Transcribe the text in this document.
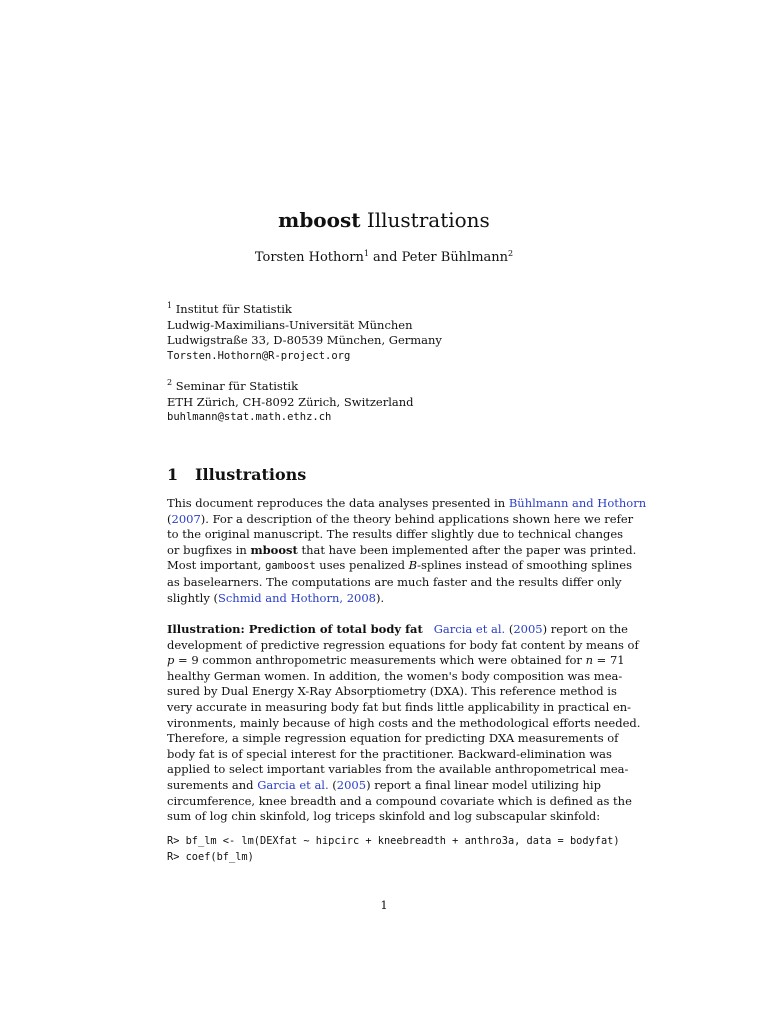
mboost Illustrations
Torsten Hothorn$^1$ and Peter Bühlmann$^2$
$^1$ Institut für Statistik
Ludwig-Maximilians-Universität München
Ludwigstraße 33, D-80539 München, Germany
Torsten.Hothorn@R-project.org
$^2$ Seminar für Statistik
ETH Zürich, CH-8092 Zürich, Switzerland
buhlmann@stat.math.ethz.ch
1 Illustrations
This document reproduces the data analyses presented in Bühlmann and Hothorn
(2007). For a description of the theory behind applications shown here we refer
to the original manuscript. The results differ slightly due to technical changes
or bugfixes in mboost that have been implemented after the paper was printed.
Most important, gamboost uses penalized B-splines instead of smoothing splines
as baselearners. The computations are much faster and the results differ only
slightly (Schmid and Hothorn, 2008).
Illustration: Prediction of total body fat Garcia et al. (2005) report on the
development of predictive regression equations for body fat content by means of
p = 9 common anthropometric measurements which were obtained for n = 71
healthy German women. In addition, the women's body composition was mea-
sured by Dual Energy X-Ray Absorptiometry (DXA). This reference method is
very accurate in measuring body fat but finds little applicability in practical en-
vironments, mainly because of high costs and the methodological efforts needed.
Therefore, a simple regression equation for predicting DXA measurements of
body fat is of special interest for the practitioner. Backward-elimination was
applied to select important variables from the available anthropometrical mea-
surements and Garcia et al. (2005) report a final linear model utilizing hip
circumference, knee breadth and a compound covariate which is defined as the
sum of log chin skinfold, log triceps skinfold and log subscapular skinfold:
R> bf_lm <- lm(DEXfat ~ hipcirc + kneebreadth + anthro3a, data = bodyfat)
R> coef(bf_lm)
1
